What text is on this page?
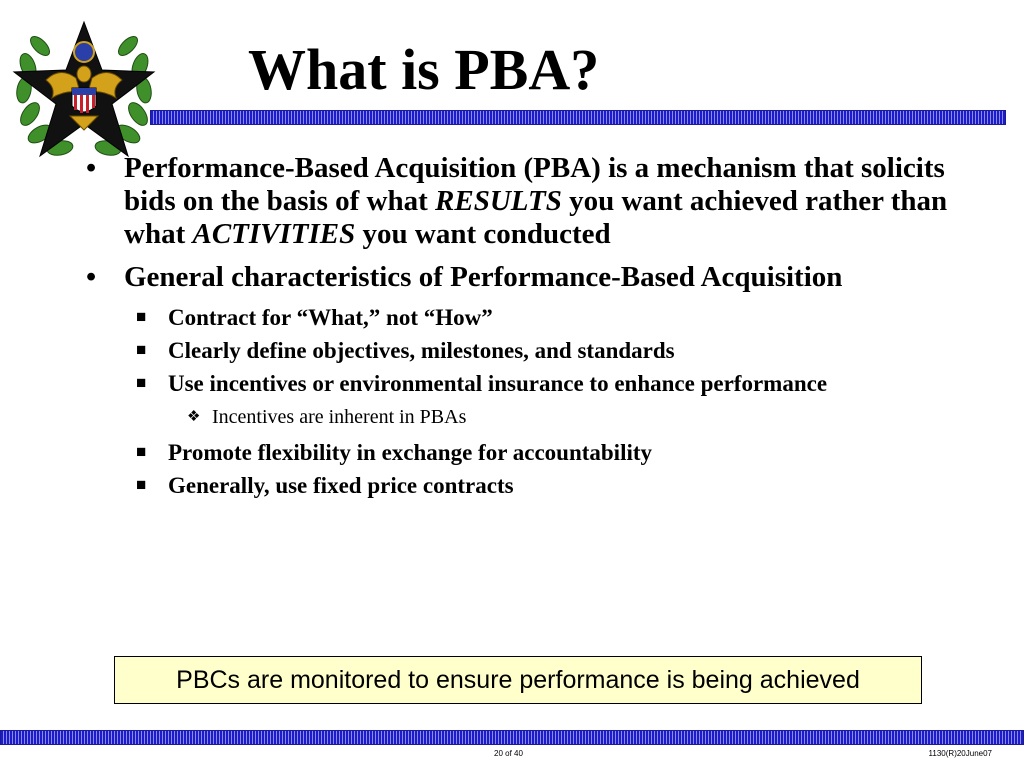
What is PBA?
• Performance-Based Acquisition (PBA) is a mechanism that solicits bids on the basis of what RESULTS you want achieved rather than what ACTIVITIES you want conducted
• General characteristics of Performance-Based Acquisition
■ Contract for “What,” not “How”
■ Clearly define objectives, milestones, and standards
■ Use incentives or environmental insurance to enhance performance
❖ Incentives are inherent in PBAs
■ Promote flexibility in exchange for accountability
■ Generally, use fixed price contracts
PBCs are monitored to ensure performance is being achieved
20 of 40	1130(R)20June07
